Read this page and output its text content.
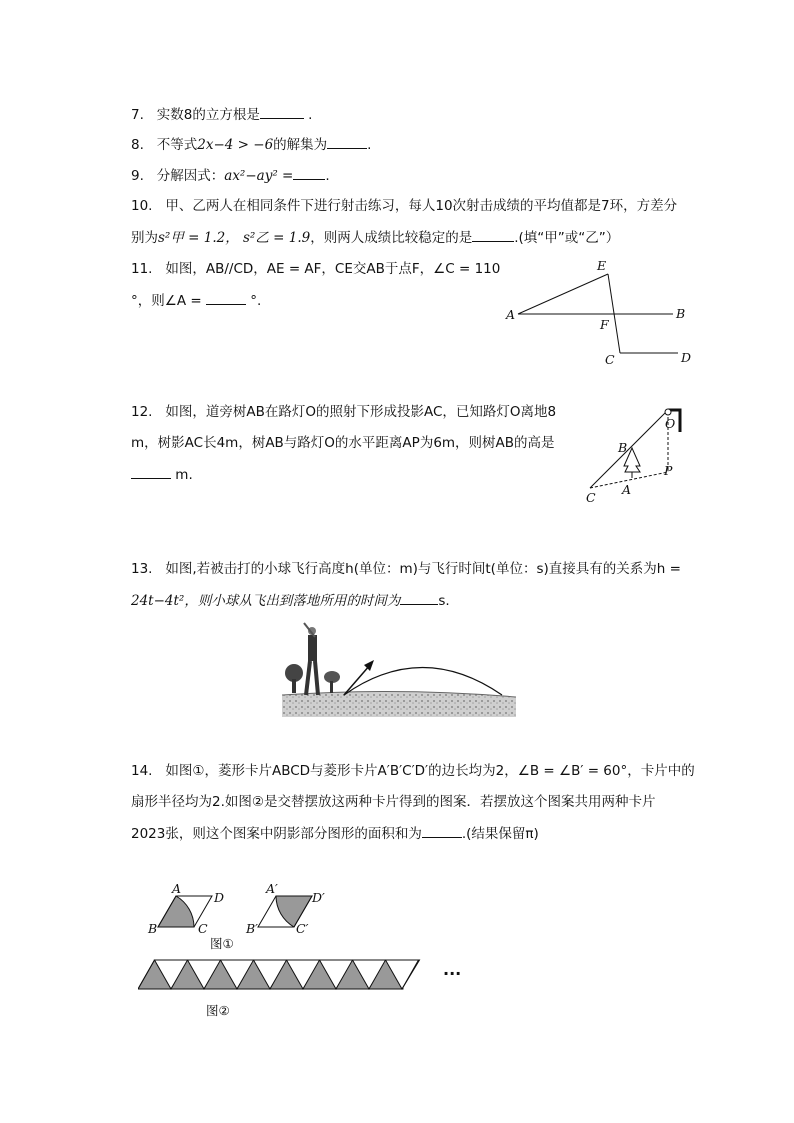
7. 实数8的立方根是	.
8. 不等式2x−4 > −6的解集为	.
9. 分解因式：ax²−ay² = .
10. 甲、乙两人在相同条件下进行射击练习，每人10次射击成绩的平均值都是7环，方差分
别为s²甲 = 1.2， s²乙 = 1.9，则两人成绩比较稳定的是	.(填“甲”或“乙”）
11. 如图，AB//CD，AE = AF，CE交AB于点F，∠C = 110
°，则∠A =	°.
E
A	B
F
C	D
12. 如图，道旁树AB在路灯O的照射下形成投影AC，已知路灯O离地8
m，树影AC长4m，树AB与路灯O的水平距离AP为6m，则树AB的高是
m.
O
B
P
A
C
13. 如图,若被击打的小球飞行高度h(单位：m)与飞行时间t(单位：s)直接具有的关系为h =
24t−4t²，则小球从飞出到落地所用的时间为	s.
14. 如图①，菱形卡片ABCD与菱形卡片A′B′C′D′的边长均为2，∠B = ∠B′ = 60°，卡片中的
扇形半径均为2.如图②是交替摆放这两种卡片得到的图案．若摆放这个图案共用两种卡片
2023张，则这个图案中阴影部分图形的面积和为	.(结果保留π)
A
D
B	C
A′
D′
B′	C′
图①
图②
···
